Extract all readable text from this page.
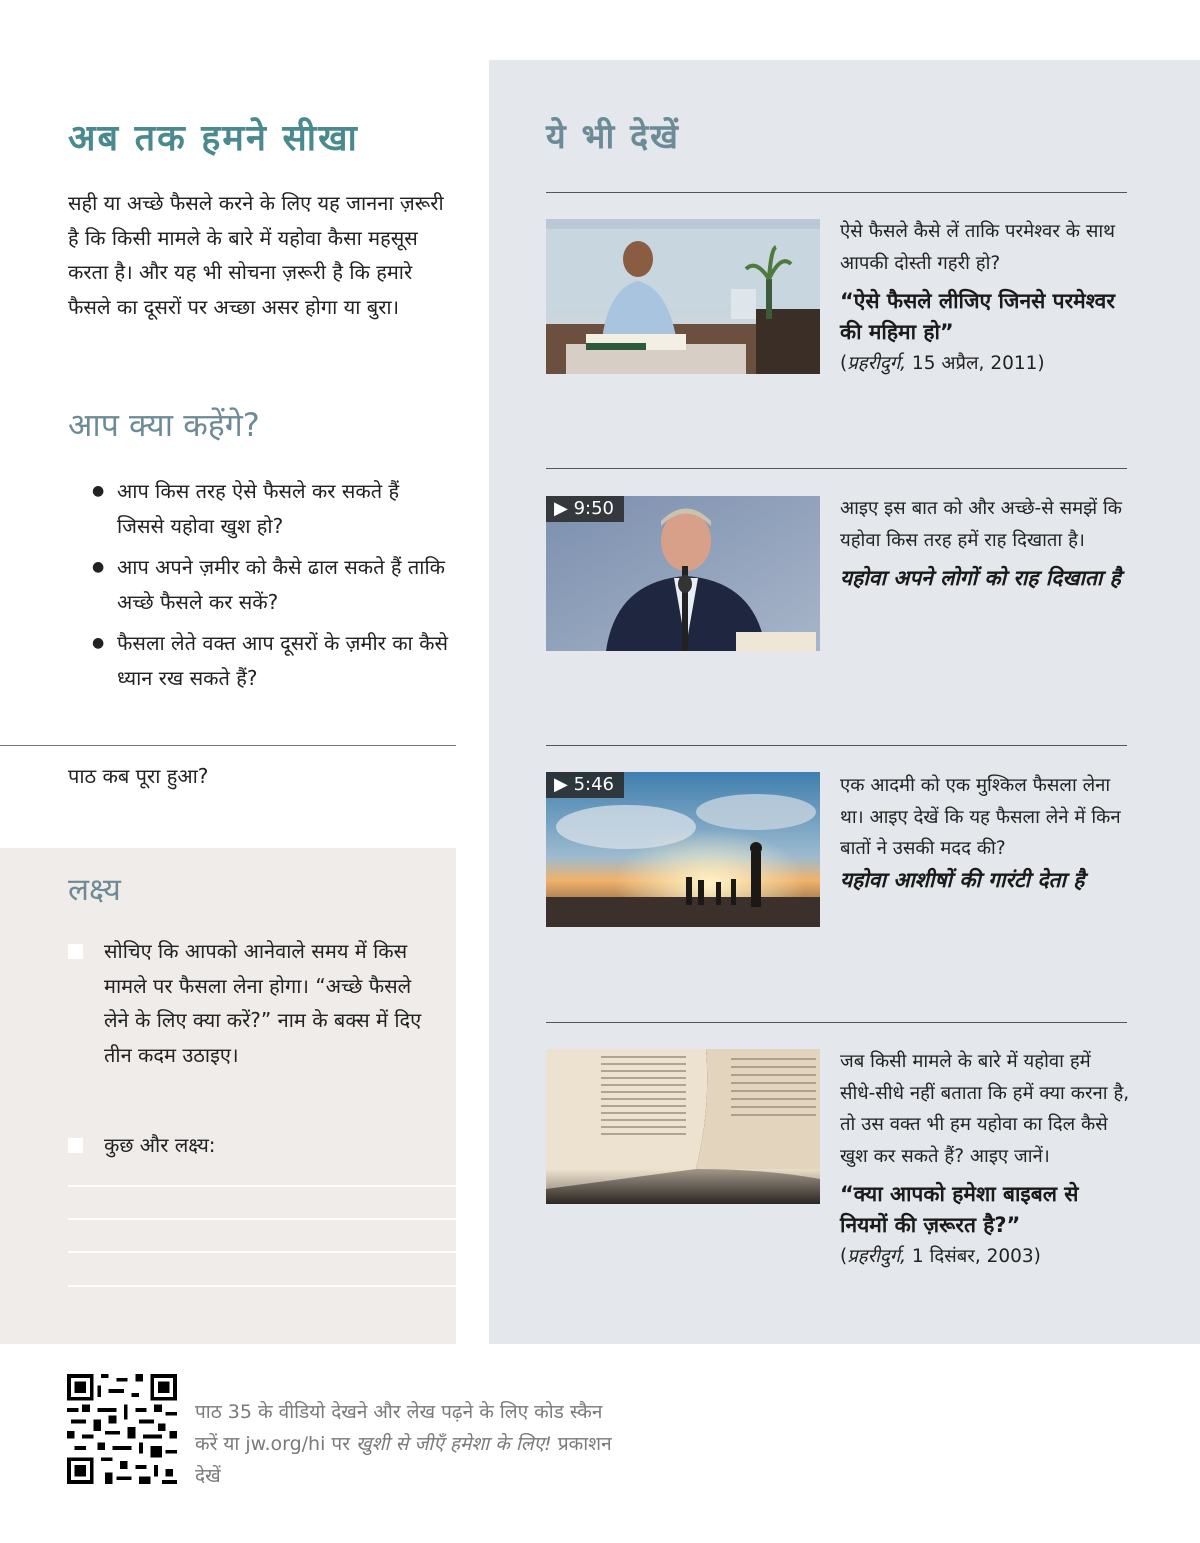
अब तक हमने सीखा

सही या अच्छे फैसले करने के लिए यह जानना ज़रूरी है कि किसी मामले के बारे में यहोवा कैसा महसूस करता है। और यह भी सोचना ज़रूरी है कि हमारे फैसले का दूसरों पर अच्छा असर होगा या बुरा।

आप क्या कहेंगे?
● आप किस तरह ऐसे फैसले कर सकते हैं जिससे यहोवा खुश हो?
● आप अपने ज़मीर को कैसे ढाल सकते हैं ताकि अच्छे फैसले कर सकें?
● फैसला लेते वक्त आप दूसरों के ज़मीर का कैसे ध्यान रख सकते हैं?
पाठ कब पूरा हुआ?
लक्ष्य
सोचिए कि आपको आनेवाले समय में किस मामले पर फैसला लेना होगा। “अच्छे फैसले लेने के लिए क्या करें?” नाम के बक्स में दिए तीन कदम उठाइए।
कुछ और लक्ष्य:
ये भी देखें
ऐसे फैसले कैसे लें ताकि परमेश्वर के साथ आपकी दोस्ती गहरी हो?
“ऐसे फैसले लीजिए जिनसे परमेश्वर की महिमा हो”
(प्रहरीदुर्ग, 15 अप्रैल, 2011)
▶ 9:50	आइए इस बात को और अच्छे-से समझें कि यहोवा किस तरह हमें राह दिखाता है।
यहोवा अपने लोगों को राह दिखाता है
▶ 5:46	एक आदमी को एक मुश्किल फैसला लेना था। आइए देखें कि यह फैसला लेने में किन बातों ने उसकी मदद की?
यहोवा आशीषों की गारंटी देता है
जब किसी मामले के बारे में यहोवा हमें सीधे-सीधे नहीं बताता कि हमें क्या करना है, तो उस वक्त भी हम यहोवा का दिल कैसे खुश कर सकते हैं? आइए जानें।
“क्या आपको हमेशा बाइबल से नियमों की ज़रूरत है?”
(प्रहरीदुर्ग, 1 दिसंबर, 2003)
पाठ 35 के वीडियो देखने और लेख पढ़ने के लिए कोड स्कैन करें या jw.org/hi पर खुशी से जीएँ हमेशा के लिए! प्रकाशन देखें
